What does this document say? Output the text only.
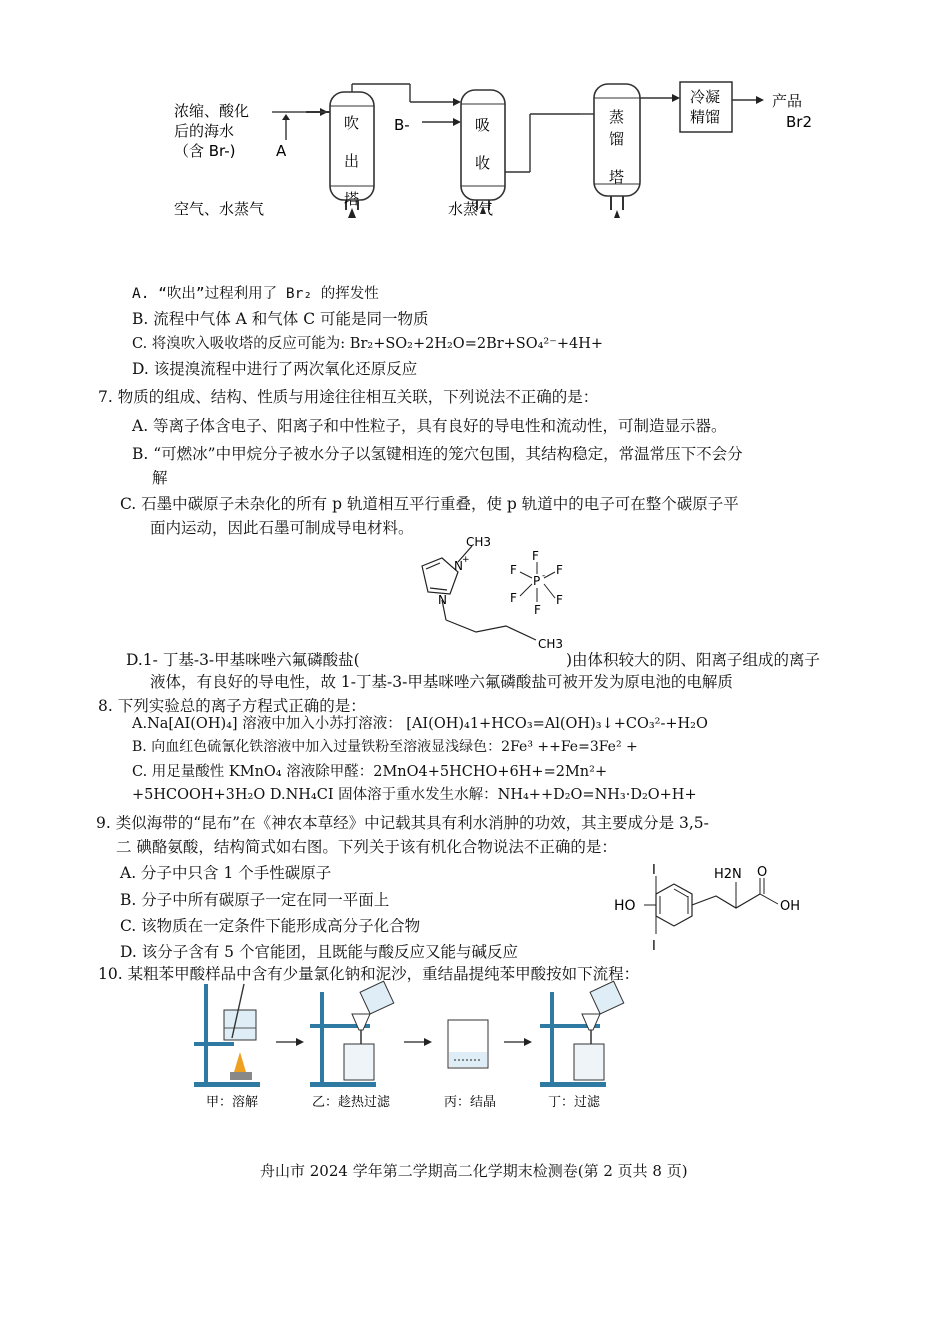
吹
出
塔
吸
收
蒸
馏
塔
冷凝
精馏
产品
Br2
浓缩、酸化
后的海水
（含 Br-)	A
B-
空气、水蒸气	水蒸气
A. “吹出”过程利用了 Br₂ 的挥发性
B. 流程中气体 A 和气体 C 可能是同一物质
C. 将溴吹入吸收塔的反应可能为: Br₂+SO₂+2H₂O=2Br+SO₄²⁻+4H+
D. 该提溴流程中进行了两次氧化还原反应
7. 物质的组成、结构、性质与用途往往相互关联，下列说法不正确的是：
A. 等离子体含电子、阳离子和中性粒子，具有良好的导电性和流动性，可制造显示器。
B. “可燃冰”中甲烷分子被水分子以氢键相连的笼穴包围，其结构稳定，常温常压下不会分
解
C. 石墨中碳原子未杂化的所有 p 轨道相互平行重叠，使 p 轨道中的电子可在整个碳原子平
面内运动，因此石墨可制成导电材料。
CH3
N +
N
CH3
P -
F
F	F
F	F
F
D.1- 丁基-3-甲基咪唑六氟磷酸盐(	)由体积较大的阴、阳离子组成的离子
液体，有良好的导电性，故 1-丁基-3-甲基咪唑六氟磷酸盐可被开发为原电池的电解质
8. 下列实验总的离子方程式正确的是：
A.Na[AI(OH)₄] 溶液中加入小苏打溶液： [AI(OH)₄1+HCO₃=Al(OH)₃↓+CO₃²-+H₂O
B. 向血红色硫氰化铁溶液中加入过量铁粉至溶液显浅绿色：2Fe³ ++Fe=3Fe² +
C. 用足量酸性 KMnO₄ 溶液除甲醛：2MnO4+5HCHO+6H+=2Mn²+
+5HCOOH+3H₂O D.NH₄CI 固体溶于重水发生水解：NH₄++D₂O=NH₃·D₂O+H+
9. 类似海带的“昆布”在《神农本草经》中记载其具有利水消肿的功效，其主要成分是 3,5-
二 碘酪氨酸，结构简式如右图。下列关于该有机化合物说法不正确的是：
A. 分子中只含 1 个手性碳原子
B. 分子中所有碳原子一定在同一平面上
C. 该物质在一定条件下能形成高分子化合物
D. 该分子含有 5 个官能团，且既能与酸反应又能与碱反应
I
I
HO
H2N O
OH
10. 某粗苯甲酸样品中含有少量氯化钠和泥沙，重结晶提纯苯甲酸按如下流程：
甲：溶解	乙：趁热过滤	丙：结晶	丁：过滤
舟山市 2024 学年第二学期高二化学期末检测卷(第 2 页共 8 页)
